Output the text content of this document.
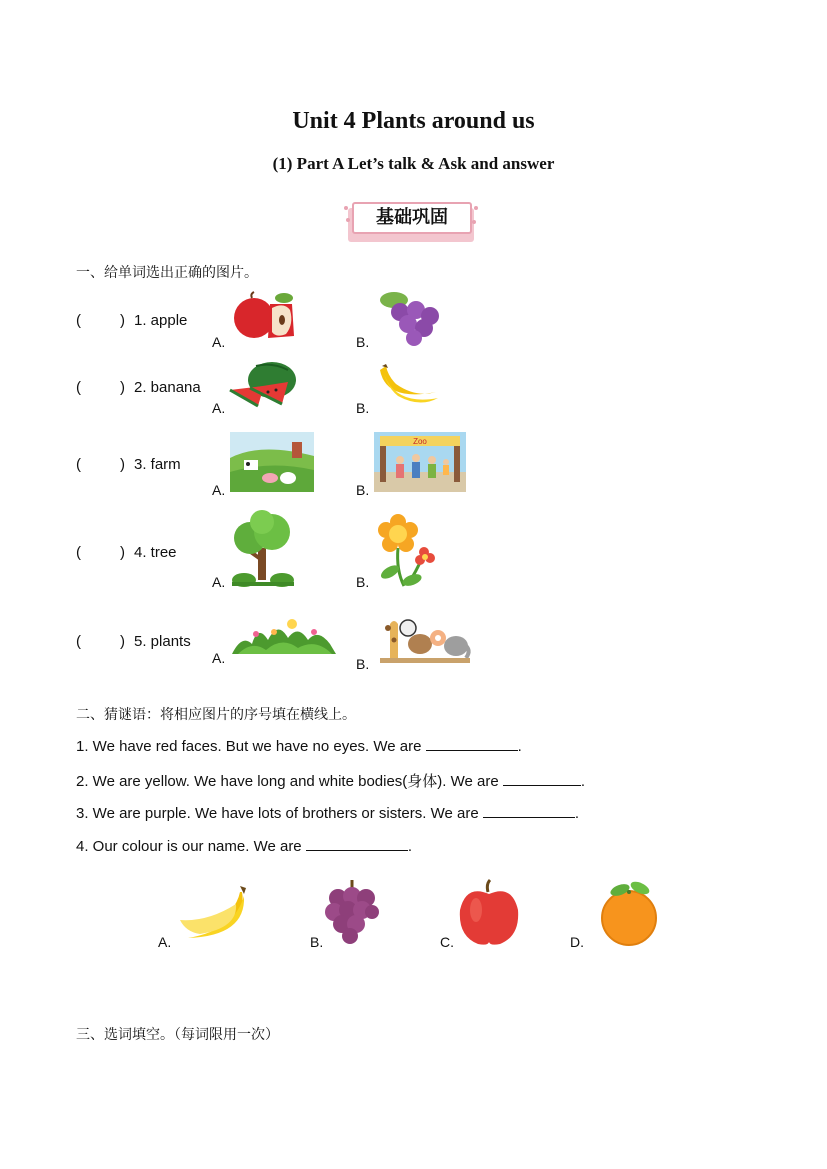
Unit 4 Plants around us
(1) Part A Let’s talk & Ask and answer
基础巩固
一、给单词选出正确的图片。
(	) 1. apple
A.	B.
(	) 2. banana
A.	B.
(	) 3. farm
A.	B.
Zoo
(	) 4. tree
A.	B.
(	) 5. plants
A.	B.
二、猜谜语：将相应图片的序号填在横线上。
1. We have red faces. But we have no eyes. We are	.
2. We are yellow. We have long and white bodies(身体). We are	.
3. We are purple. We have lots of brothers or sisters. We are	.
4. Our colour is our name. We are	.
A.	B.	C.	D.
三、选词填空。（每词限用一次）
